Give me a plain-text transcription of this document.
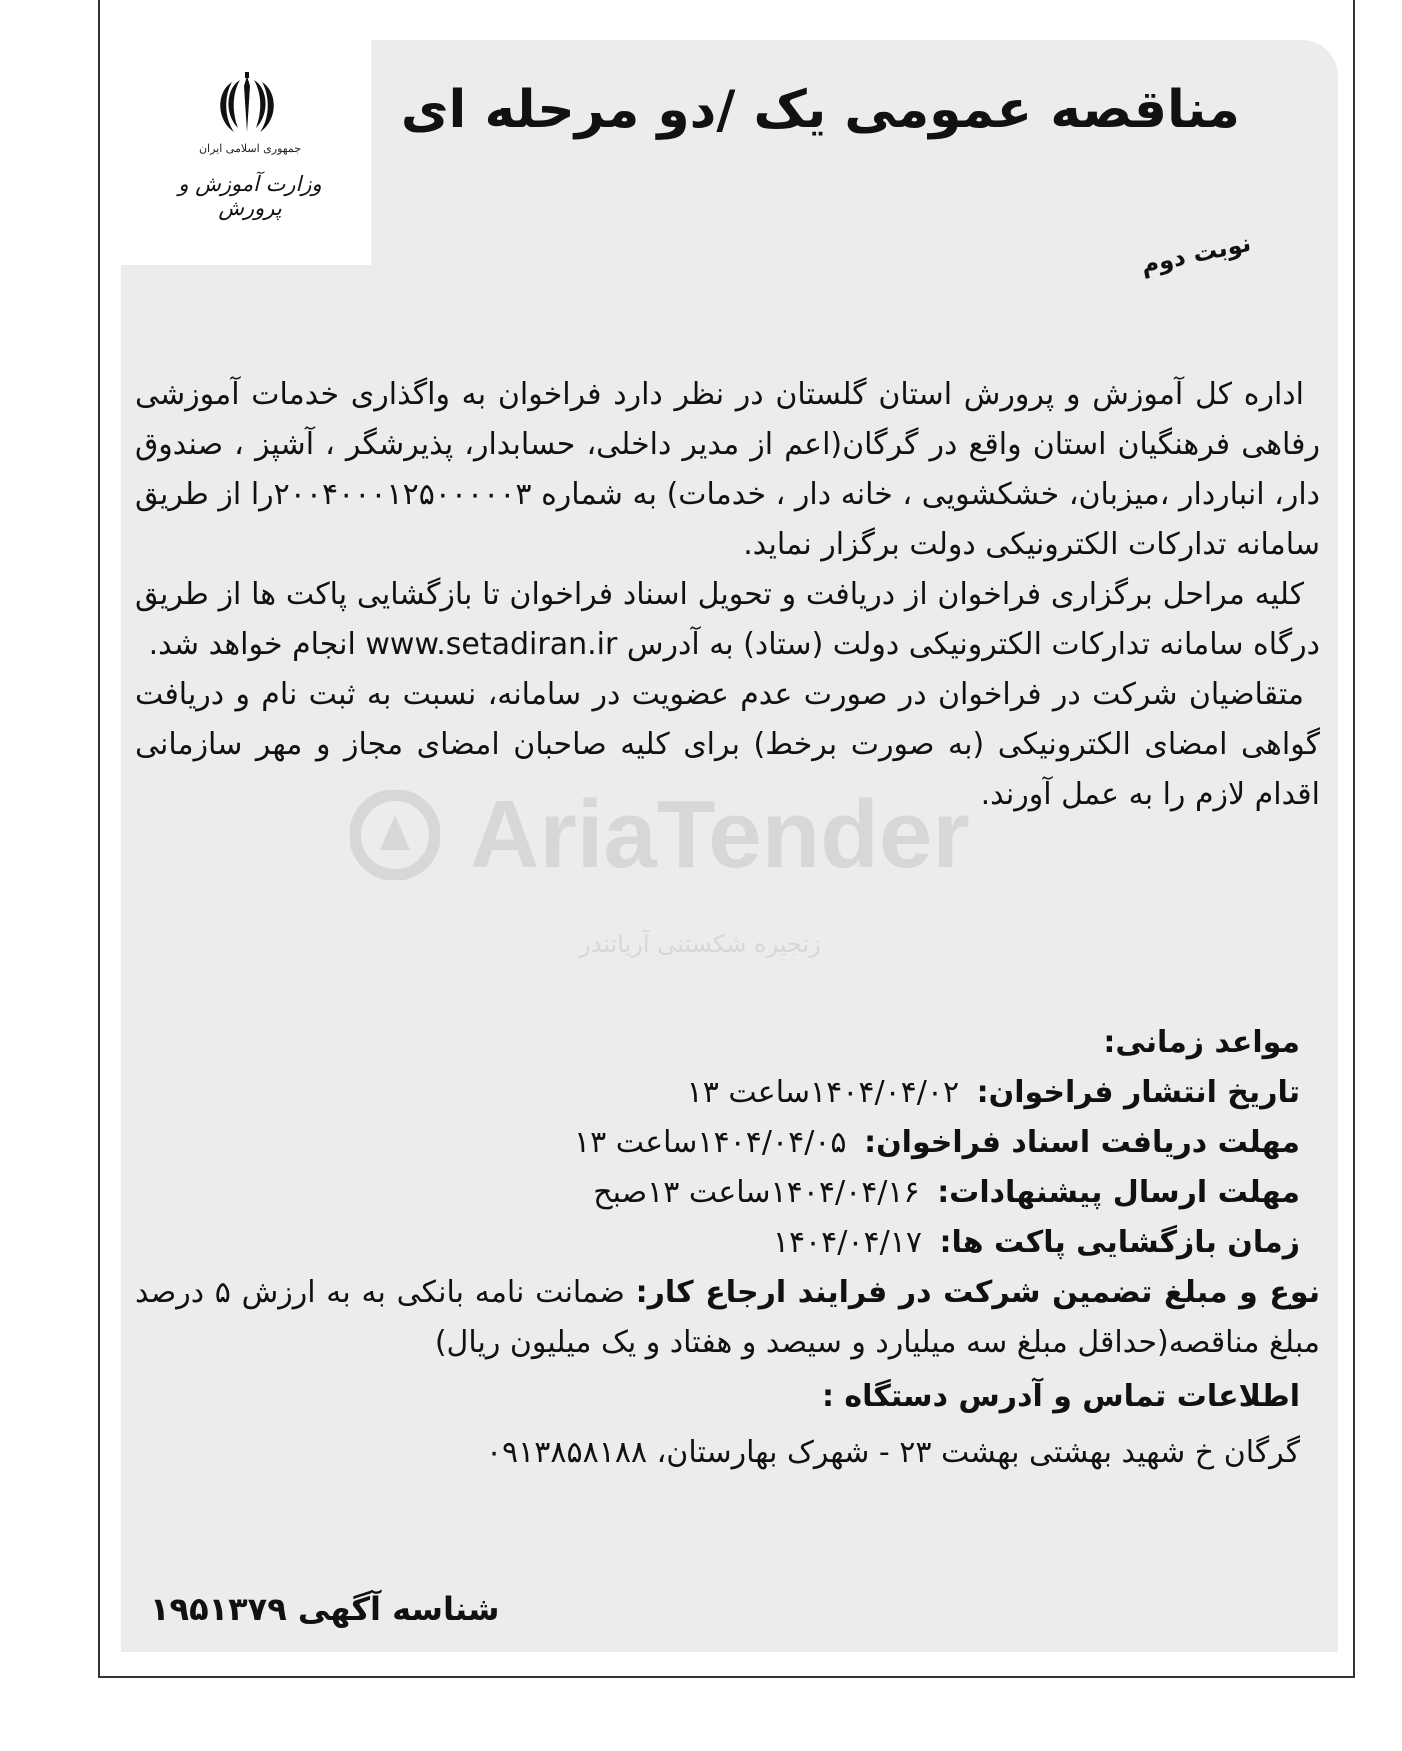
جمهوری اسلامی ایران
وزارت آموزش و پرورش
مناقصه عمومی یک /دو مرحله ای
نوبت دوم

اداره کل آموزش و پرورش استان گلستان در نظر دارد فراخوان به واگذاری خدمات آموزشی رفاهی فرهنگیان استان واقع در گرگان(اعم از مدیر داخلی، حسابدار، پذیرشگر ، آشپز ، صندوق دار، انباردار ،میزبان، خشکشویی ، خانه دار ، خدمات) به شماره ۲۰۰۴۰۰۰۱۲۵۰۰۰۰۰۳را از طریق سامانه تدارکات الکترونیکی دولت برگزار نماید.

کلیه مراحل برگزاری فراخوان از دریافت و تحویل اسناد فراخوان تا بازگشایی پاکت ها از طریق درگاه سامانه تدارکات الکترونیکی دولت (ستاد) به آدرس www.setadiran.ir انجام خواهد شد.

متقاضیان شرکت در فراخوان در صورت عدم عضویت در سامانه، نسبت به ثبت نام و دریافت گواهی امضای الکترونیکی (به صورت برخط) برای کلیه صاحبان امضای مجاز و مهر سازمانی اقدام لازم را به عمل آورند.

مواعد زمانی:
تاریخ انتشار فراخوان: ۱۴۰۴/۰۴/۰۲ساعت ۱۳
مهلت دریافت اسناد فراخوان: ۱۴۰۴/۰۴/۰۵ساعت ۱۳
مهلت ارسال پیشنهادات: ۱۴۰۴/۰۴/۱۶ساعت ۱۳صبح
زمان بازگشایی پاکت ها: ۱۴۰۴/۰۴/۱۷
نوع و مبلغ تضمین شرکت در فرایند ارجاع کار: ضمانت نامه بانکی به به ارزش ۵ درصد مبلغ مناقصه(حداقل مبلغ سه میلیارد و سیصد و هفتاد و یک میلیون ریال)
اطلاعات تماس و آدرس دستگاه :
گرگان خ شهید بهشتی بهشت ۲۳ - شهرک بهارستان، ۰۹۱۳۸۵۸۱۸۸
شناسه آگهی ۱۹۵۱۳۷۹
